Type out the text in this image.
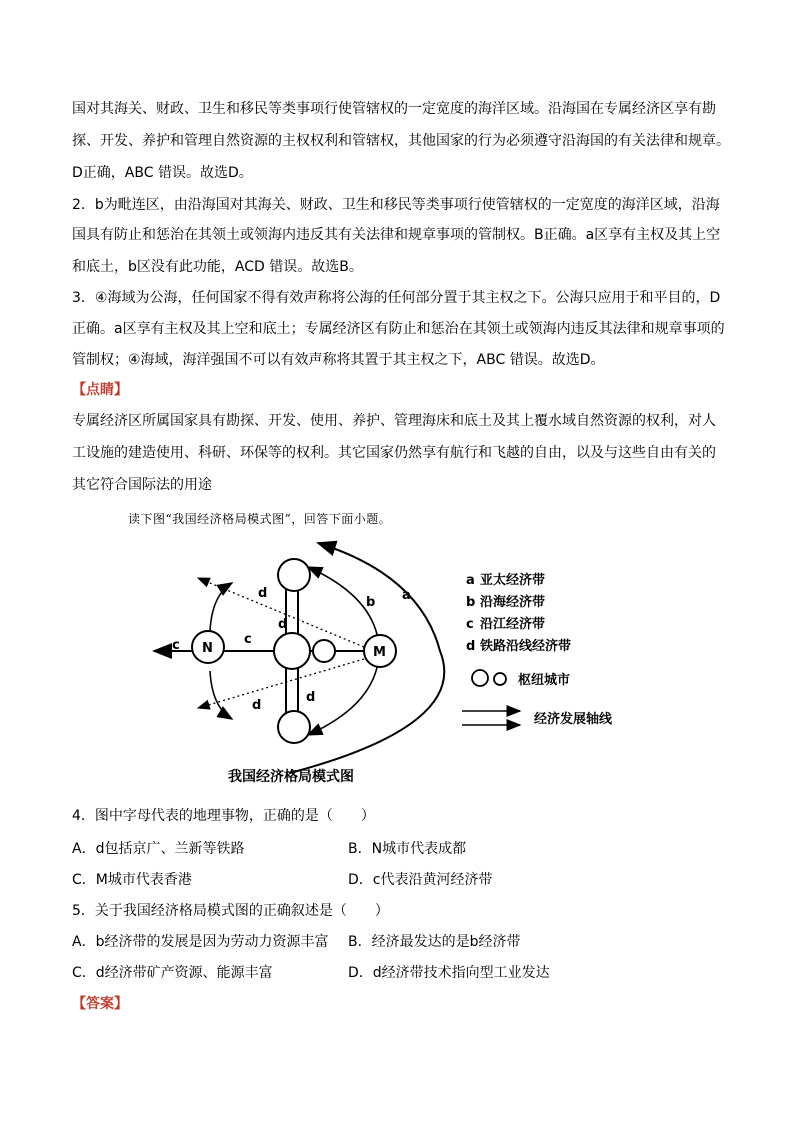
国对其海关、财政、卫生和移民等类事项行使管辖权的一定宽度的海洋区域。沿海国在专属经济区享有勘
探、开发、养护和管理自然资源的主权权利和管辖权，其他国家的行为必须遵守沿海国的有关法律和规章。
D正确，ABC 错误。故选D。
2．b为毗连区，由沿海国对其海关、财政、卫生和移民等类事项行使管辖权的一定宽度的海洋区域，沿海
国具有防止和惩治在其领土或领海内违反其有关法律和规章事项的管制权。B正确。a区享有主权及其上空
和底土，b区没有此功能，ACD 错误。故选B。
3．④海域为公海，任何国家不得有效声称将公海的任何部分置于其主权之下。公海只应用于和平目的，D
正确。a区享有主权及其上空和底土；专属经济区有防止和惩治在其领土或领海内违反其法律和规章事项的
管制权；④海域，海洋强国不可以有效声称将其置于其主权之下，ABC 错误。故选D。
【点睛】
专属经济区所属国家具有勘探、开发、使用、养护、管理海床和底土及其上覆水域自然资源的权利，对人
工设施的建造使用、科研、环保等的权利。其它国家仍然享有航行和飞越的自由，以及与这些自由有关的
其它符合国际法的用途
读下图“我国经济格局模式图”，回答下面小题。
N	M
a
b
c	c
d
d
d
d
a 亚太经济带
b 沿海经济带
c 沿江经济带
d 铁路沿线经济带
枢纽城市
经济发展轴线
我国经济格局模式图
4．图中字母代表的地理事物，正确的是（　　）
A．d包括京广、兰新等铁路	B．N城市代表成都
C．M城市代表香港	D．c代表沿黄河经济带
5．关于我国经济格局模式图的正确叙述是（　　）
A．b经济带的发展是因为劳动力资源丰富 B．经济最发达的是b经济带
C．d经济带矿产资源、能源丰富	D．d经济带技术指向型工业发达
【答案】
